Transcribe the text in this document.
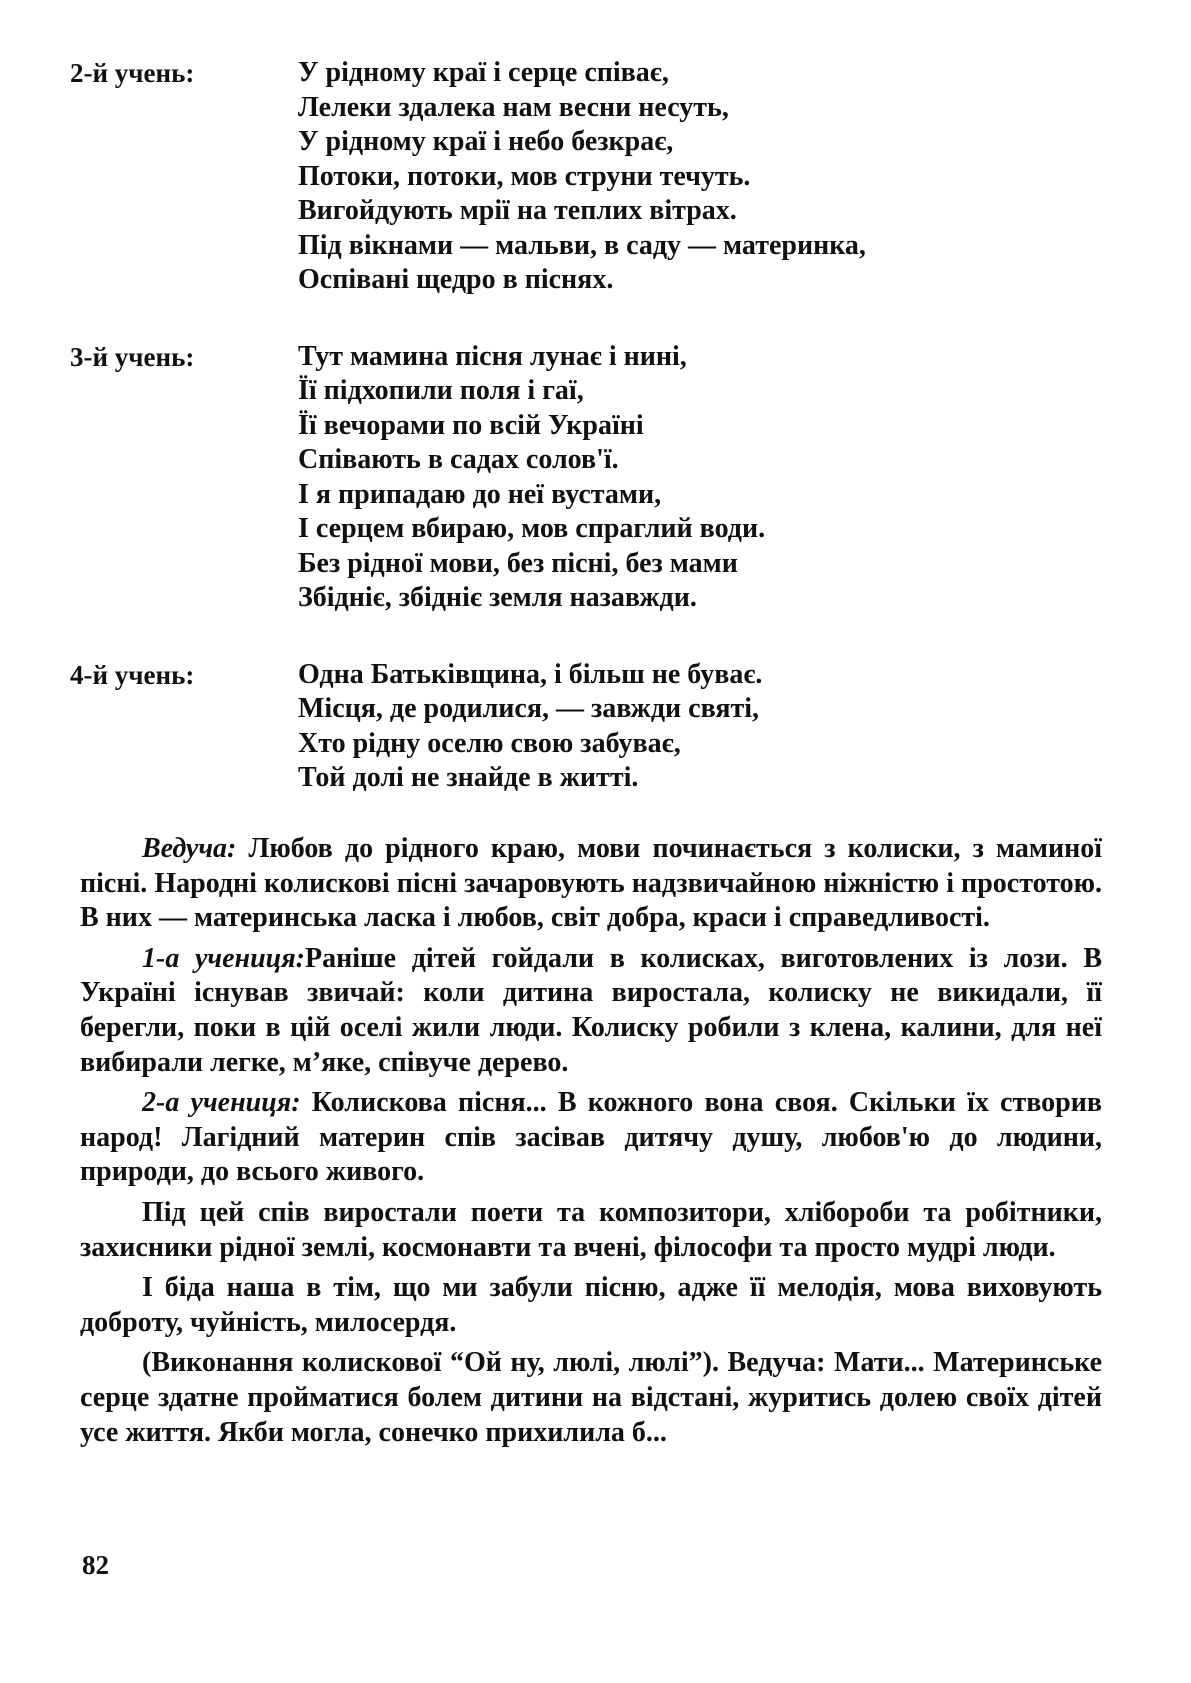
2-й учень:	У рідному краї і серце співає,
Лелеки здалека нам весни несуть,
У рідному краї і небо безкрає,
Потоки, потоки, мов струни течуть.
Вигойдують мрії на теплих вітрах.
Під вікнами — мальви, в саду — материнка,
Оспівані щедро в піснях.
3-й учень:	Тут мамина пісня лунає і нині,
Її підхопили поля і гаї,
Її вечорами по всій Україні
Співають в садах солов'ї.
І я припадаю до неї вустами,
І серцем вбираю, мов спраглий води.
Без рідної мови, без пісні, без мами
Збідніє, збідніє земля назавжди.
4-й учень:	Одна Батьківщина, і більш не буває.
Місця, де родилися, — завжди святі,
Хто рідну оселю свою забуває,
Той долі не знайде в житті.

Ведуча: Любов до рідного краю, мови починається з колиски, з маминої пісні. Народні колискові пісні зачаровують надзвичайною ніжністю і простотою. В них — материнська ласка і любов, світ добра, краси і справедливості.

1-а учениця:Раніше дітей гойдали в колисках, виготовлених із лози. В Україні існував звичай: коли дитина виростала, колиску не викидали, її берегли, поки в цій оселі жили люди. Колиску робили з клена, калини, для неї вибирали легке, м’яке, співуче дерево.

2-а учениця: Колискова пісня... В кожного вона своя. Скільки їх створив народ! Лагідний материн спів засівав дитячу душу, любов'ю до людини, природи, до всього живого.

Під цей спів виростали поети та композитори, хлібороби та робітники, захисники рідної землі, космонавти та вчені, філософи та просто мудрі люди.

І біда наша в тім, що ми забули пісню, адже її мелодія, мова виховують доброту, чуйність, милосердя.

(Виконання колискової “Ой ну, люлі, люлі”). Ведуча: Мати... Материнське серце здатне пройматися болем дитини на відстані, журитись долею своїх дітей усе життя. Якби могла, сонечко прихилила б...

82
